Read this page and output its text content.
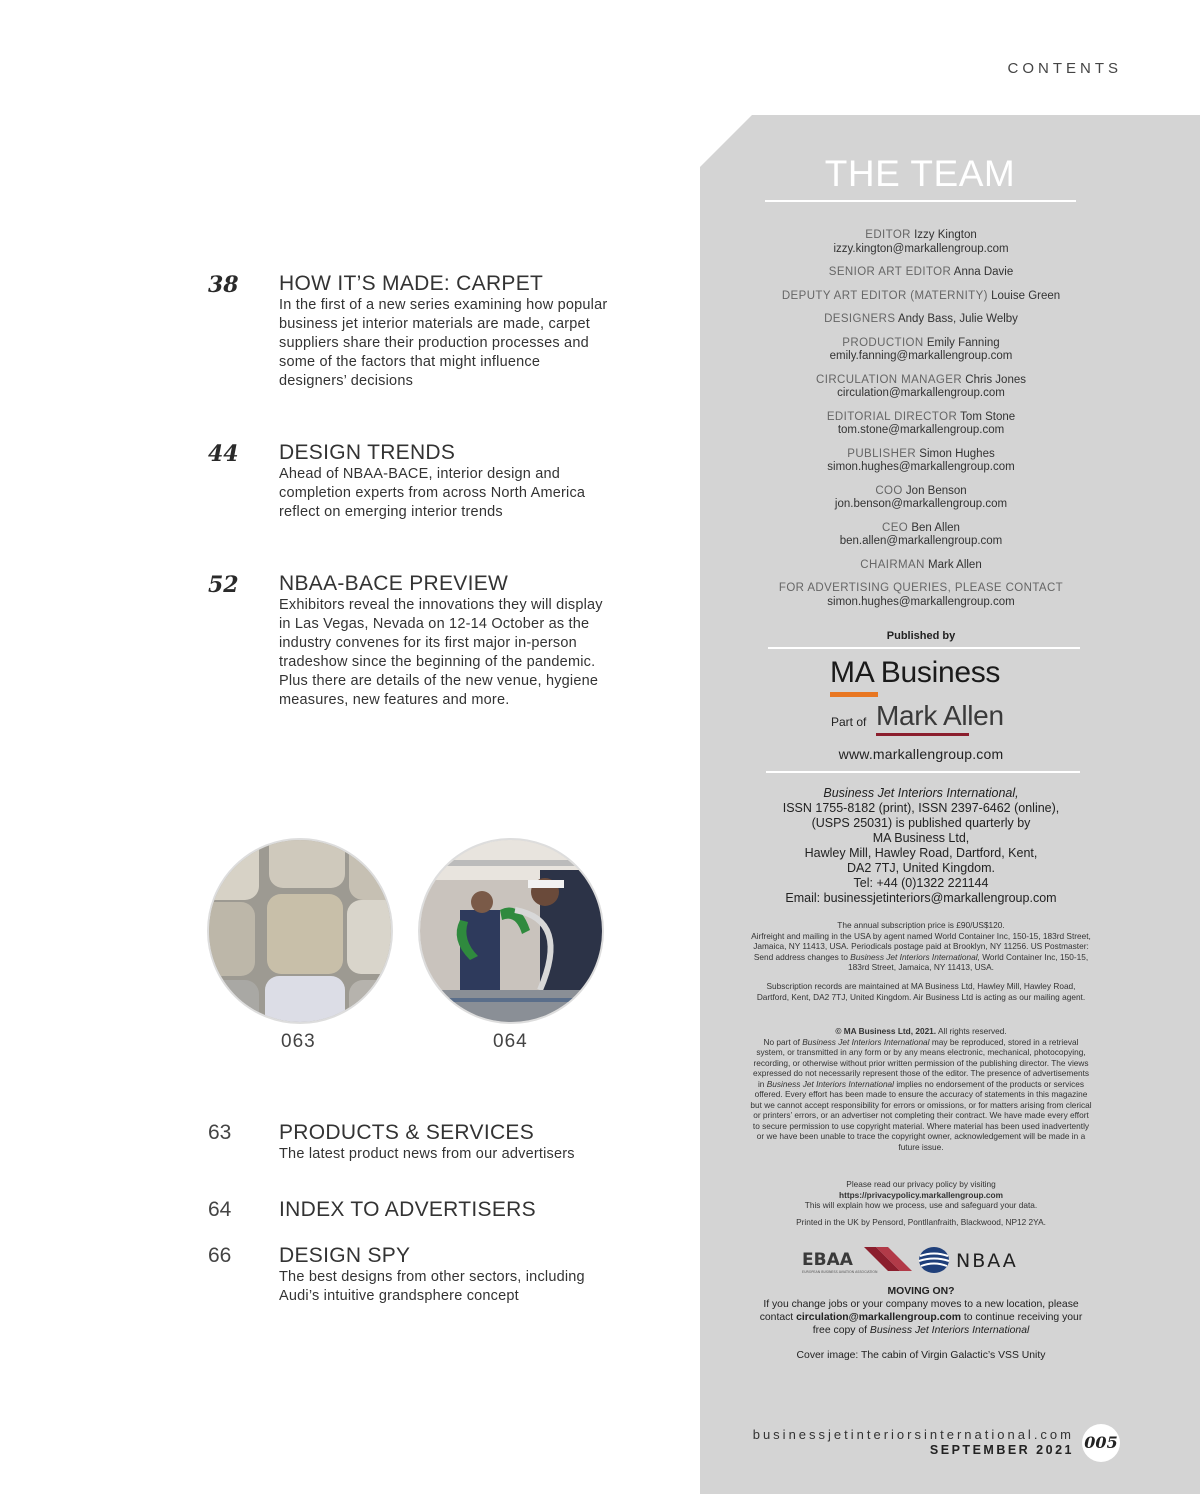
CONTENTS
38 HOW IT’S MADE: CARPET
In the first of a new series examining how popular business jet interior materials are made, carpet suppliers share their production processes and some of the factors that might influence designers’ decisions
44 DESIGN TRENDS
Ahead of NBAA-BACE, interior design and completion experts from across North America reflect on emerging interior trends
52 NBAA-BACE PREVIEW
Exhibitors reveal the innovations they will display in Las Vegas, Nevada on 12-14 October as the industry convenes for its first major in-person tradeshow since the beginning of the pandemic. Plus there are details of the new venue, hygiene measures, new features and more.
063	064
63 PRODUCTS & SERVICES
The latest product news from our advertisers
64 INDEX TO ADVERTISERS
66 DESIGN SPY
The best designs from other sectors, including Audi’s intuitive grandsphere concept
THE TEAM
EDITOR Izzy Kington
izzy.kington@markallengroup.com
SENIOR ART EDITOR Anna Davie
DEPUTY ART EDITOR (MATERNITY) Louise Green
DESIGNERS Andy Bass, Julie Welby
PRODUCTION Emily Fanning
emily.fanning@markallengroup.com
CIRCULATION MANAGER Chris Jones
circulation@markallengroup.com
EDITORIAL DIRECTOR Tom Stone
tom.stone@markallengroup.com
PUBLISHER Simon Hughes
simon.hughes@markallengroup.com
COO Jon Benson
jon.benson@markallengroup.com
CEO Ben Allen
ben.allen@markallengroup.com
CHAIRMAN Mark Allen
FOR ADVERTISING QUERIES, PLEASE CONTACT
simon.hughes@markallengroup.com
Published by
MA Business
Part of Mark Allen
www.markallengroup.com
Business Jet Interiors International,
ISSN 1755-8182 (print), ISSN 2397-6462 (online),
(USPS 25031) is published quarterly by
MA Business Ltd,
Hawley Mill, Hawley Road, Dartford, Kent,
DA2 7TJ, United Kingdom.
Tel: +44 (0)1322 221144
Email: businessjetinteriors@markallengroup.com
The annual subscription price is £90/US$120.
Airfreight and mailing in the USA by agent named World Container Inc, 150-15, 183rd Street, Jamaica, NY 11413, USA. Periodicals postage paid at Brooklyn, NY 11256. US Postmaster: Send address changes to Business Jet Interiors International, World Container Inc, 150-15, 183rd Street, Jamaica, NY 11413, USA.
Subscription records are maintained at MA Business Ltd, Hawley Mill, Hawley Road, Dartford, Kent, DA2 7TJ, United Kingdom. Air Business Ltd is acting as our mailing agent.
© MA Business Ltd, 2021. All rights reserved.
No part of Business Jet Interiors International may be reproduced, stored in a retrieval system, or transmitted in any form or by any means electronic, mechanical, photocopying, recording, or otherwise without prior written permission of the publishing director. The views expressed do not necessarily represent those of the editor. The presence of advertisements in Business Jet Interiors International implies no endorsement of the products or services offered. Every effort has been made to ensure the accuracy of statements in this magazine but we cannot accept responsibility for errors or omissions, or for matters arising from clerical or printers’ errors, or an advertiser not completing their contract. We have made every effort to secure permission to use copyright material. Where material has been used inadvertently or we have been unable to trace the copyright owner, acknowledgement will be made in a future issue.
Please read our privacy policy by visiting
https://privacypolicy.markallengroup.com
This will explain how we process, use and safeguard your data.
Printed in the UK by Pensord, Pontllanfraith, Blackwood, NP12 2YA.
EBAA
EUROPEAN BUSINESS AVIATION ASSOCIATION	NBAA
MOVING ON?
If you change jobs or your company moves to a new location, please contact circulation@markallengroup.com to continue receiving your free copy of Business Jet Interiors International
Cover image: The cabin of Virgin Galactic’s VSS Unity
businessjetinteriorsinternational.com
SEPTEMBER 2021 005
